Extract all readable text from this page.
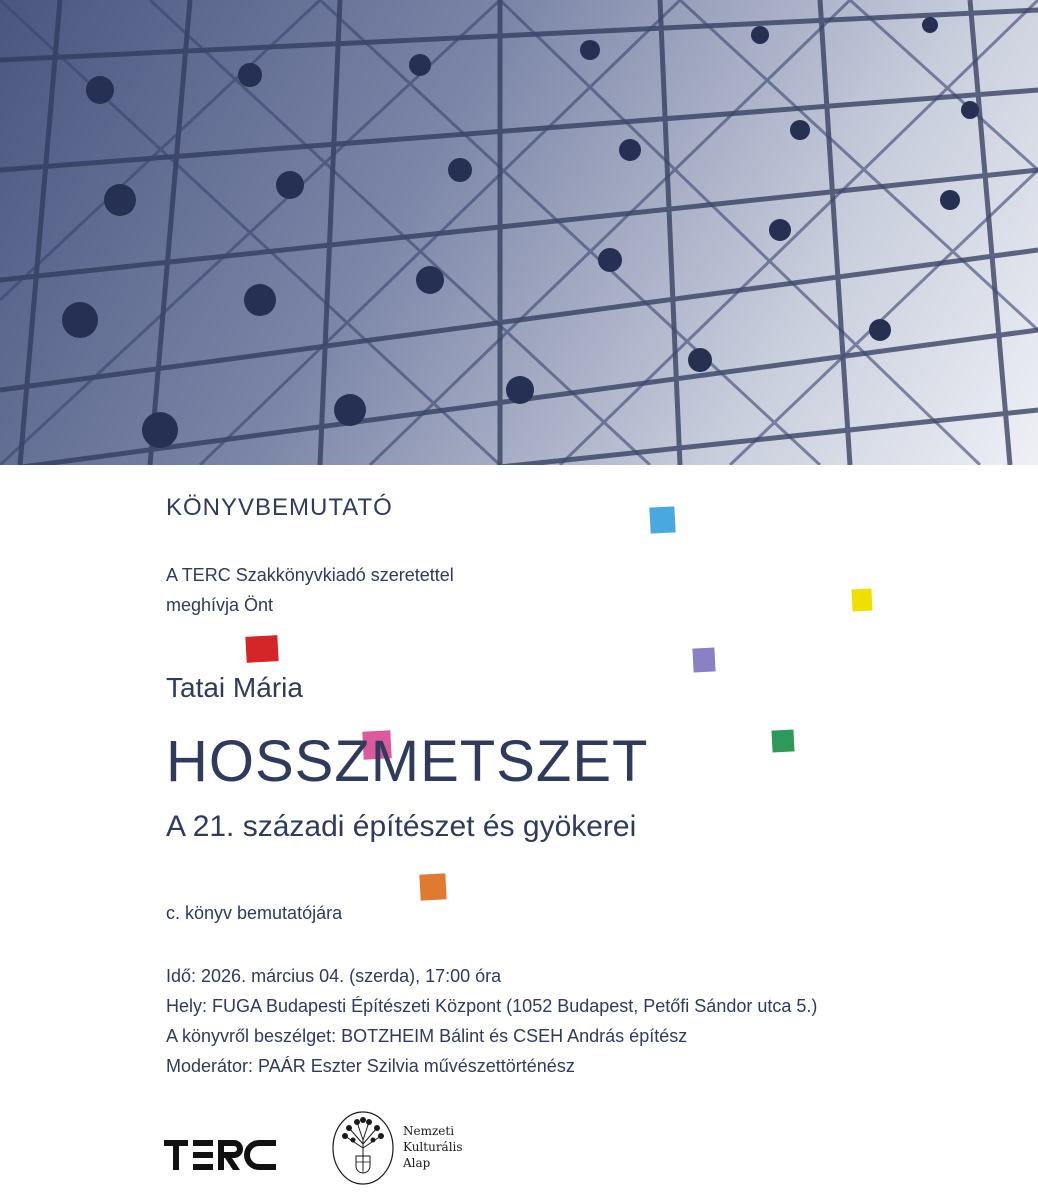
KÖNYVBEMUTATÓ
A TERC Szakkönyvkiadó szeretettel
meghívja Önt
Tatai Mária
HOSSZMETSZET
A 21. századi építészet és gyökerei
c. könyv bemutatójára
Idő: 2026. március 04. (szerda), 17:00 óra
Hely: FUGA Budapesti Építészeti Központ (1052 Budapest, Petőfi Sándor utca 5.)
A könyvről beszélget: BOTZHEIM Bálint és CSEH András építész
Moderátor: PAÁR Eszter Szilvia művészettörténész
Nemzeti
Kulturális
Alap
